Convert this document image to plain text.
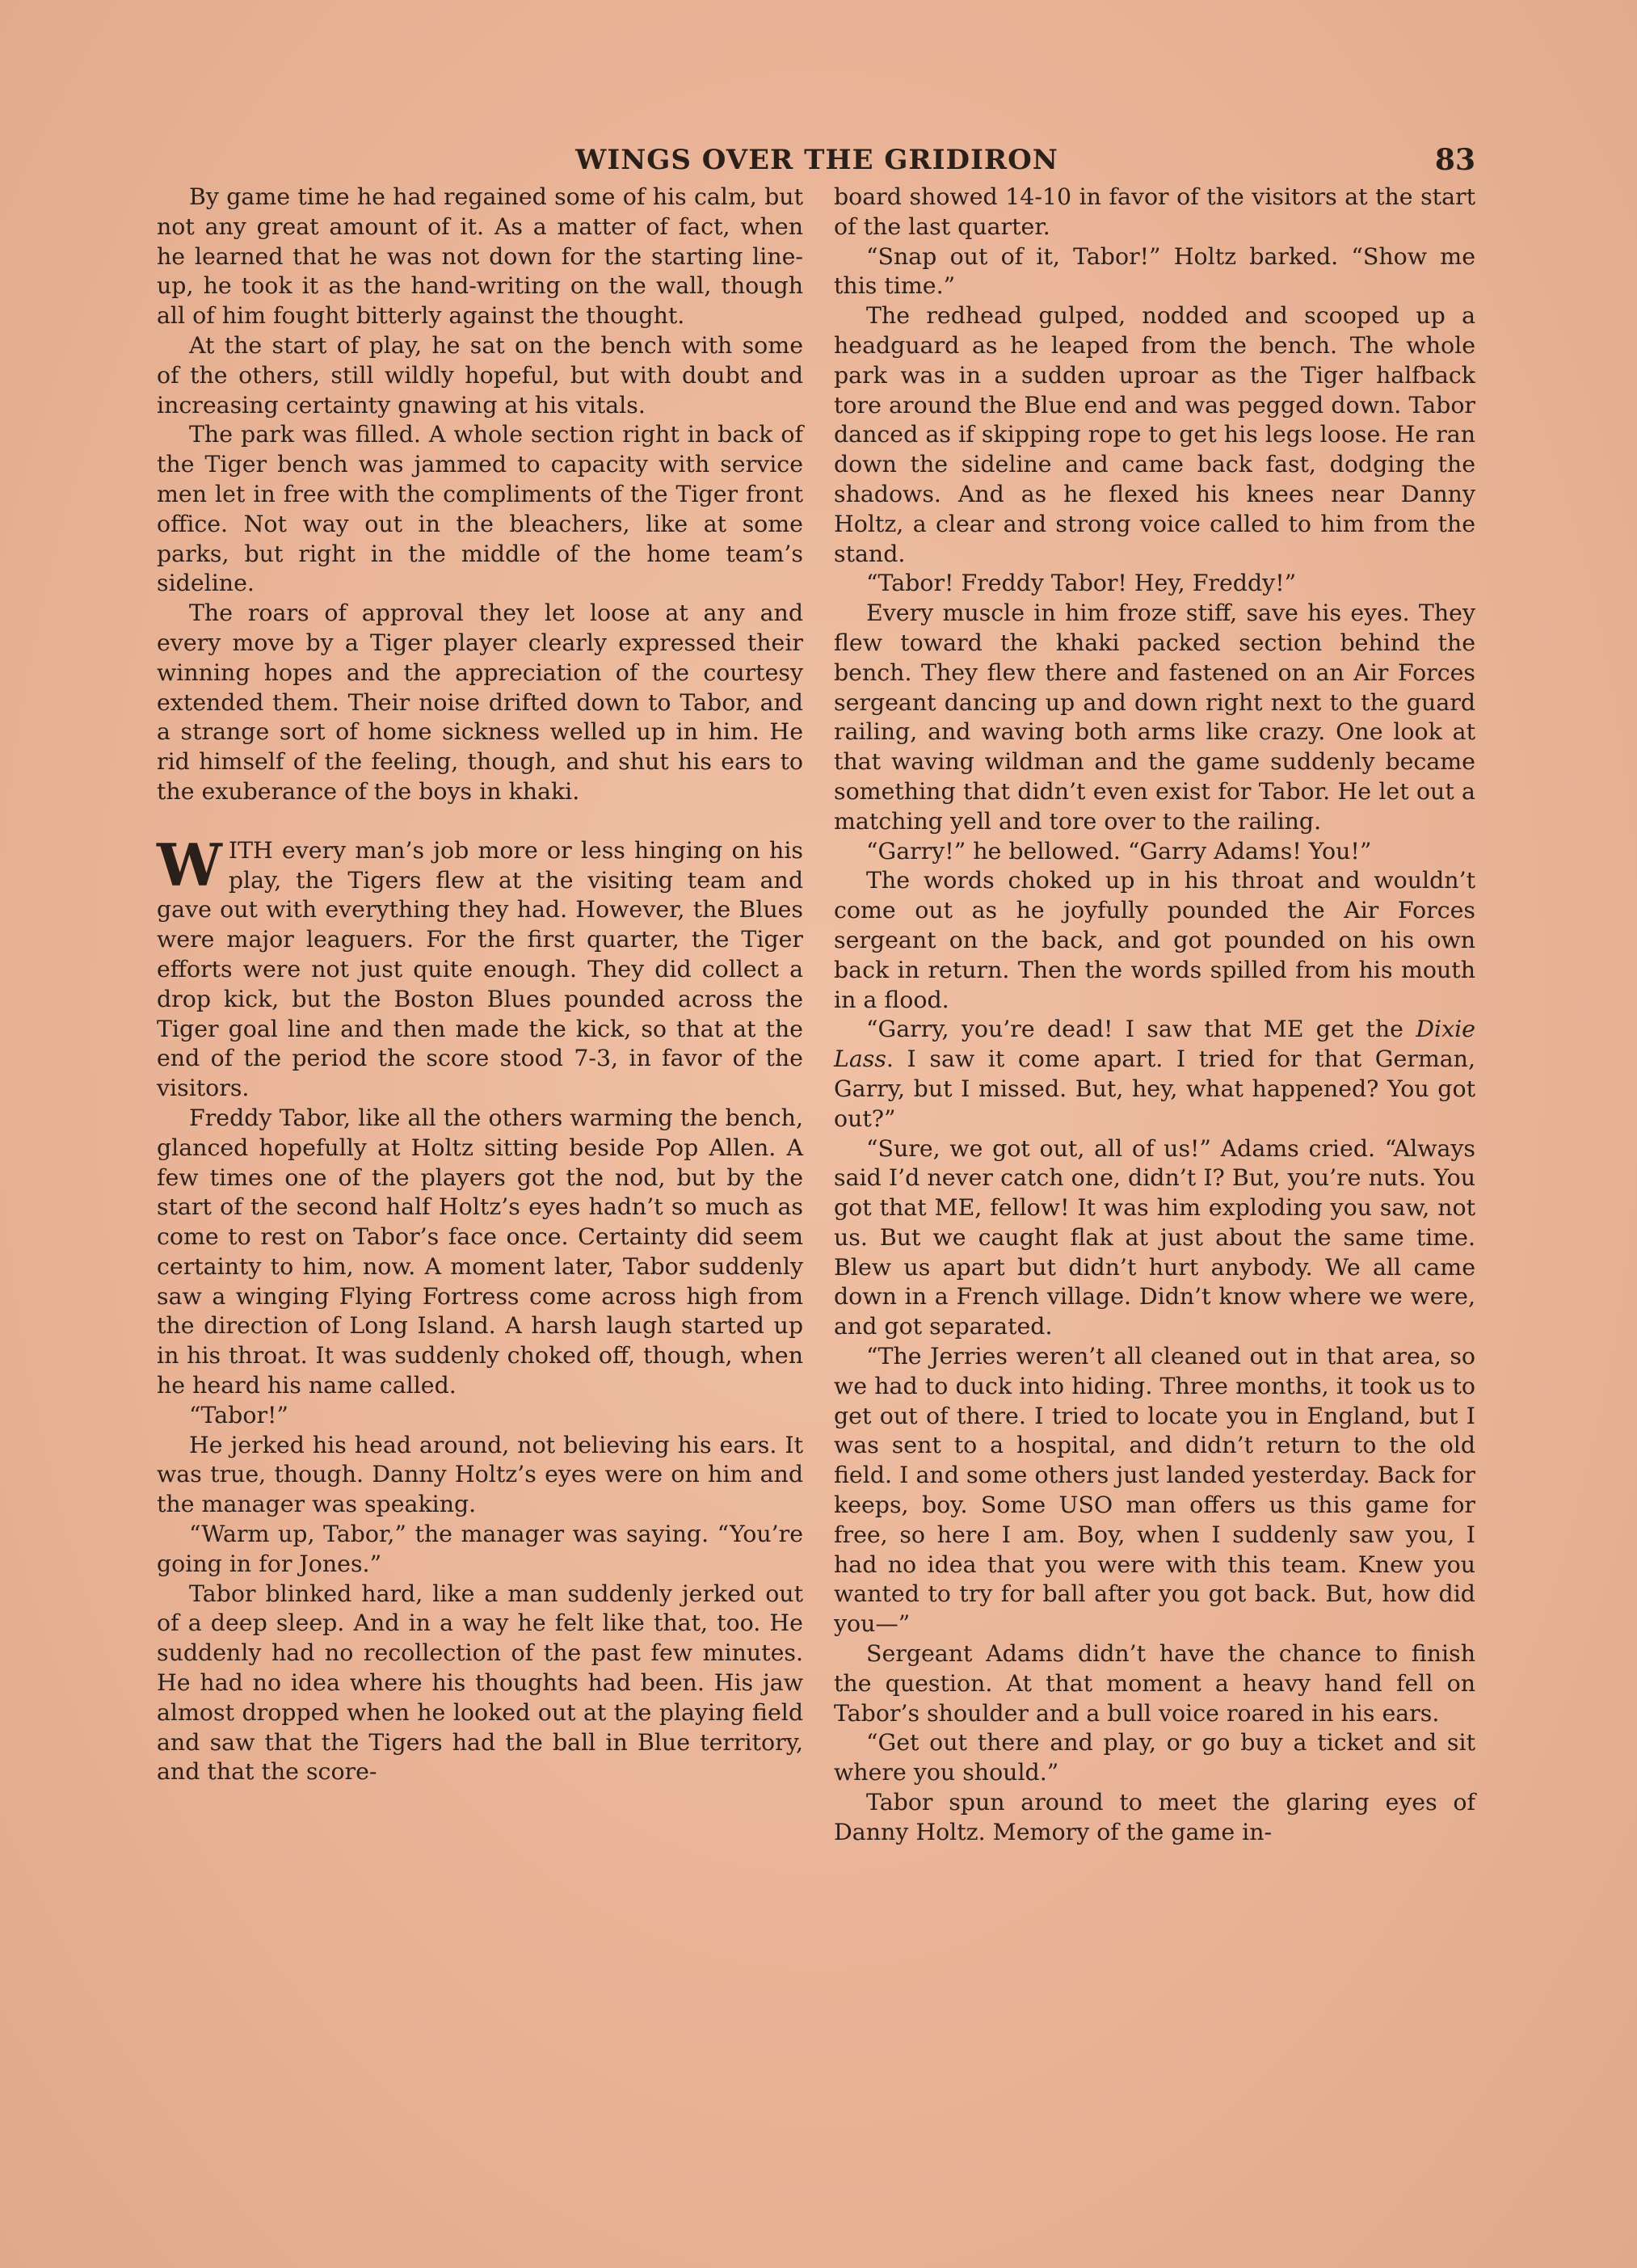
WINGS OVER THE GRIDIRON	83

By game time he had regained some of his calm, but not any great amount of it. As a matter of fact, when he learned that he was not down for the starting line-up, he took it as the hand-writing on the wall, though all of him fought bitterly against the thought.

At the start of play, he sat on the bench with some of the others, still wildly hopeful, but with doubt and increasing certainty gnawing at his vitals.

The park was filled. A whole section right in back of the Tiger bench was jammed to capacity with service men let in free with the compliments of the Tiger front office. Not way out in the bleachers, like at some parks, but right in the middle of the home team’s sideline.

The roars of approval they let loose at any and every move by a Tiger player clearly expressed their winning hopes and the appreciation of the courtesy extended them. Their noise drifted down to Tabor, and a strange sort of home sickness welled up in him. He rid himself of the feeling, though, and shut his ears to the exuberance of the boys in khaki.

WITH every man’s job more or less hinging on his play, the Tigers flew at the visiting team and gave out with everything they had. However, the Blues were major leaguers. For the first quarter, the Tiger efforts were not just quite enough. They did collect a drop kick, but the Boston Blues pounded across the Tiger goal line and then made the kick, so that at the end of the period the score stood 7-3, in favor of the visitors.

Freddy Tabor, like all the others warming the bench, glanced hopefully at Holtz sitting beside Pop Allen. A few times one of the players got the nod, but by the start of the second half Holtz’s eyes hadn’t so much as come to rest on Tabor’s face once. Certainty did seem certainty to him, now. A moment later, Tabor suddenly saw a winging Flying Fortress come across high from the direction of Long Island. A harsh laugh started up in his throat. It was suddenly choked off, though, when he heard his name called.

“Tabor!”

He jerked his head around, not believing his ears. It was true, though. Danny Holtz’s eyes were on him and the manager was speaking.

“Warm up, Tabor,” the manager was saying. “You’re going in for Jones.”

Tabor blinked hard, like a man suddenly jerked out of a deep sleep. And in a way he felt like that, too. He suddenly had no recollection of the past few minutes. He had no idea where his thoughts had been. His jaw almost dropped when he looked out at the playing field and saw that the Tigers had the ball in Blue territory, and that the score-

board showed 14-10 in favor of the visitors at the start of the last quarter.

“Snap out of it, Tabor!” Holtz barked. “Show me this time.”

The redhead gulped, nodded and scooped up a headguard as he leaped from the bench. The whole park was in a sudden uproar as the Tiger halfback tore around the Blue end and was pegged down. Tabor danced as if skipping rope to get his legs loose. He ran down the sideline and came back fast, dodging the shadows. And as he flexed his knees near Danny Holtz, a clear and strong voice called to him from the stand.

“Tabor! Freddy Tabor! Hey, Freddy!”

Every muscle in him froze stiff, save his eyes. They flew toward the khaki packed section behind the bench. They flew there and fastened on an Air Forces sergeant dancing up and down right next to the guard railing, and waving both arms like crazy. One look at that waving wildman and the game suddenly became something that didn’t even exist for Tabor. He let out a matching yell and tore over to the railing.

“Garry!” he bellowed. “Garry Adams! You!”

The words choked up in his throat and wouldn’t come out as he joyfully pounded the Air Forces sergeant on the back, and got pounded on his own back in return. Then the words spilled from his mouth in a flood.

“Garry, you’re dead! I saw that ME get the Dixie Lass. I saw it come apart. I tried for that German, Garry, but I missed. But, hey, what happened? You got out?”

“Sure, we got out, all of us!” Adams cried. “Always said I’d never catch one, didn’t I? But, you’re nuts. You got that ME, fellow! It was him exploding you saw, not us. But we caught flak at just about the same time. Blew us apart but didn’t hurt anybody. We all came down in a French village. Didn’t know where we were, and got separated.

“The Jerries weren’t all cleaned out in that area, so we had to duck into hiding. Three months, it took us to get out of there. I tried to locate you in England, but I was sent to a hospital, and didn’t return to the old field. I and some others just landed yesterday. Back for keeps, boy. Some USO man offers us this game for free, so here I am. Boy, when I suddenly saw you, I had no idea that you were with this team. Knew you wanted to try for ball after you got back. But, how did you—”

Sergeant Adams didn’t have the chance to finish the question. At that moment a heavy hand fell on Tabor’s shoulder and a bull voice roared in his ears.

“Get out there and play, or go buy a ticket and sit where you should.”

Tabor spun around to meet the glaring eyes of Danny Holtz. Memory of the game in-
